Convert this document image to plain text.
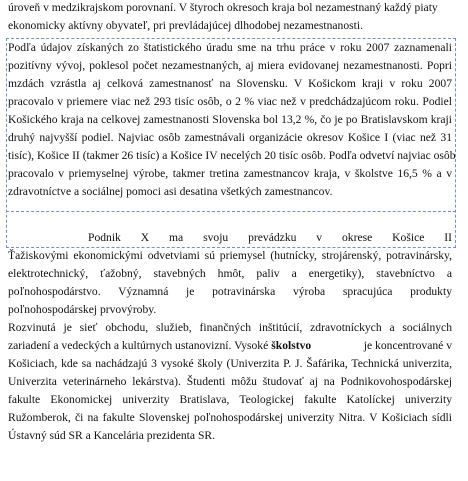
úroveň v medzikrajskom porovnaní. V štyroch okresoch kraja bol nezamestnaný každý piaty
ekonomicky aktívny obyvateľ, pri prevládajúcej dlhodobej nezamestnanosti.
Podľa údajov získaných zo štatistického úradu sme na trhu práce v roku 2007 zaznamenali
pozitívny vývoj, poklesol počet nezamestnaných, aj miera evidovanej nezamestnanosti. Popri
mzdách vzrástla aj celková zamestnanosť na Slovensku. V Košickom kraji v roku 2007
pracovalo v priemere viac než 293 tisíc osôb, o 2 % viac než v predchádzajúcom roku. Podiel
Košického kraja na celkovej zamestnanosti Slovenska bol 13,2 %, čo je po Bratislavskom kraji
druhý najvyšší podiel. Najviac osôb zamestnávali organizácie okresov Košice I (viac než 31
tisíc), Košice II (takmer 26 tisíc) a Košice IV necelých 20 tisíc osôb. Podľa odvetví najviac osôb
pracovalo v priemyselnej výrobe, takmer tretina zamestnancov kraja, v školstve 16,5 % a v
zdravotníctve a sociálnej pomoci asi desatina všetkých zamestnancov.
Podnik X ma svoju prevádzku v okrese Košice II
Ťažiskovými ekonomickými odvetviami sú priemysel (hutnícky, strojárenský, potravinársky,
elektrotechnický, ťažobný, stavebných hmôt, paliv a energetiky), stavebníctvo a
poľnohospodárstvo. Významná je potravinárska výroba spracujúca produkty
poľnohospodárskej prvovýroby.
Rozvinutá je sieť obchodu, služieb, finančných inštitúcií, zdravotníckych a sociálnych
zariadení a vedeckých a kultúrnych ustanovizní. Vysoké školstvo	je koncentrované v
Košiciach, kde sa nachádzajú 3 vysoké školy (Univerzita P. J. Šafárika, Technická univerzita,
Univerzita veterinárneho lekárstva). Študenti môžu študovať aj na Podnikovohospodárskej
fakulte Ekonomickej univerzity Bratislava, Teologickej fakulte Katolíckej univerzity
Ružomberok, či na fakulte Slovenskej poľnohospodárskej univerzity Nitra. V Košiciach sídli
Ústavný súd SR a Kancelária prezidenta SR.
